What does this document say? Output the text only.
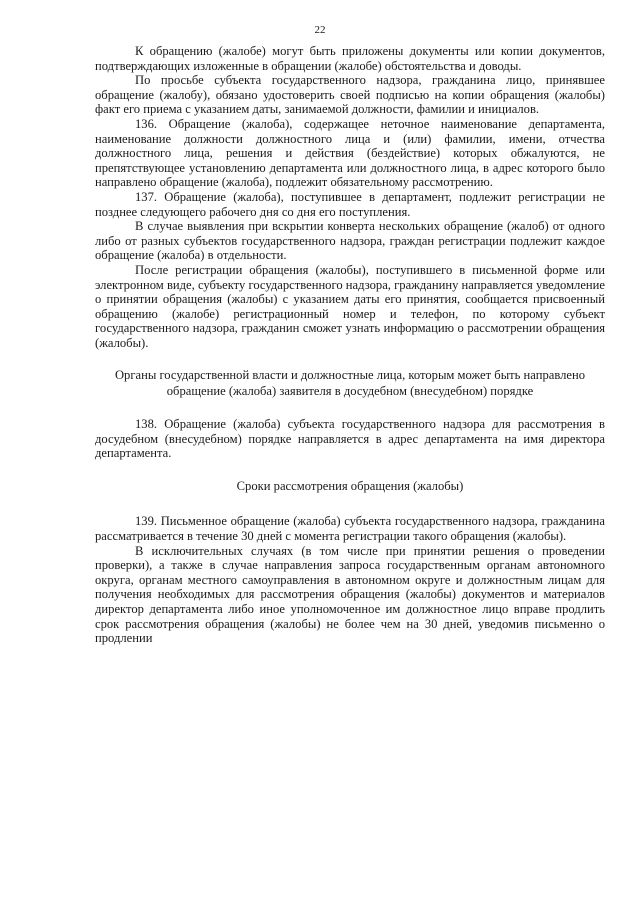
22

К обращению (жалобе) могут быть приложены документы или копии документов, подтверждающих изложенные в обращении (жалобе) обстоятельства и доводы.

По просьбе субъекта государственного надзора, гражданина лицо, принявшее обращение (жалобу), обязано удостоверить своей подписью на копии обращения (жалобы) факт его приема с указанием даты, занимаемой должности, фамилии и инициалов.

136. Обращение (жалоба), содержащее неточное наименование департамента, наименование должности должностного лица и (или) фамилии, имени, отчества должностного лица, решения и действия (бездействие) которых обжалуются, не препятствующее установлению департамента или должностного лица, в адрес которого было направлено обращение (жалоба), подлежит обязательному рассмотрению.

137. Обращение (жалоба), поступившее в департамент, подлежит регистрации не позднее следующего рабочего дня со дня его поступления.

В случае выявления при вскрытии конверта нескольких обращение (жалоб) от одного либо от разных субъектов государственного надзора, граждан регистрации подлежит каждое обращение (жалоба) в отдельности.

После регистрации обращения (жалобы), поступившего в письменной форме или электронном виде, субъекту государственного надзора, гражданину направляется уведомление о принятии обращения (жалобы) с указанием даты его принятия, сообщается присвоенный обращению (жалобе) регистрационный номер и телефон, по которому субъект государственного надзора, гражданин сможет узнать информацию о рассмотрении обращения (жалобы).

Органы государственной власти и должностные лица, которым может быть направлено обращение (жалоба) заявителя в досудебном (внесудебном) порядке

138. Обращение (жалоба) субъекта государственного надзора для рассмотрения в досудебном (внесудебном) порядке направляется в адрес департамента на имя директора департамента.

Сроки рассмотрения обращения (жалобы)

139. Письменное обращение (жалоба) субъекта государственного надзора, гражданина рассматривается в течение 30 дней с момента регистрации такого обращения (жалобы).

В исключительных случаях (в том числе при принятии решения о проведении проверки), а также в случае направления запроса государственным органам автономного округа, органам местного самоуправления в автономном округе и должностным лицам для получения необходимых для рассмотрения обращения (жалобы) документов и материалов директор департамента либо иное уполномоченное им должностное лицо вправе продлить срок рассмотрения обращения (жалобы) не более чем на 30 дней, уведомив письменно о продлении
